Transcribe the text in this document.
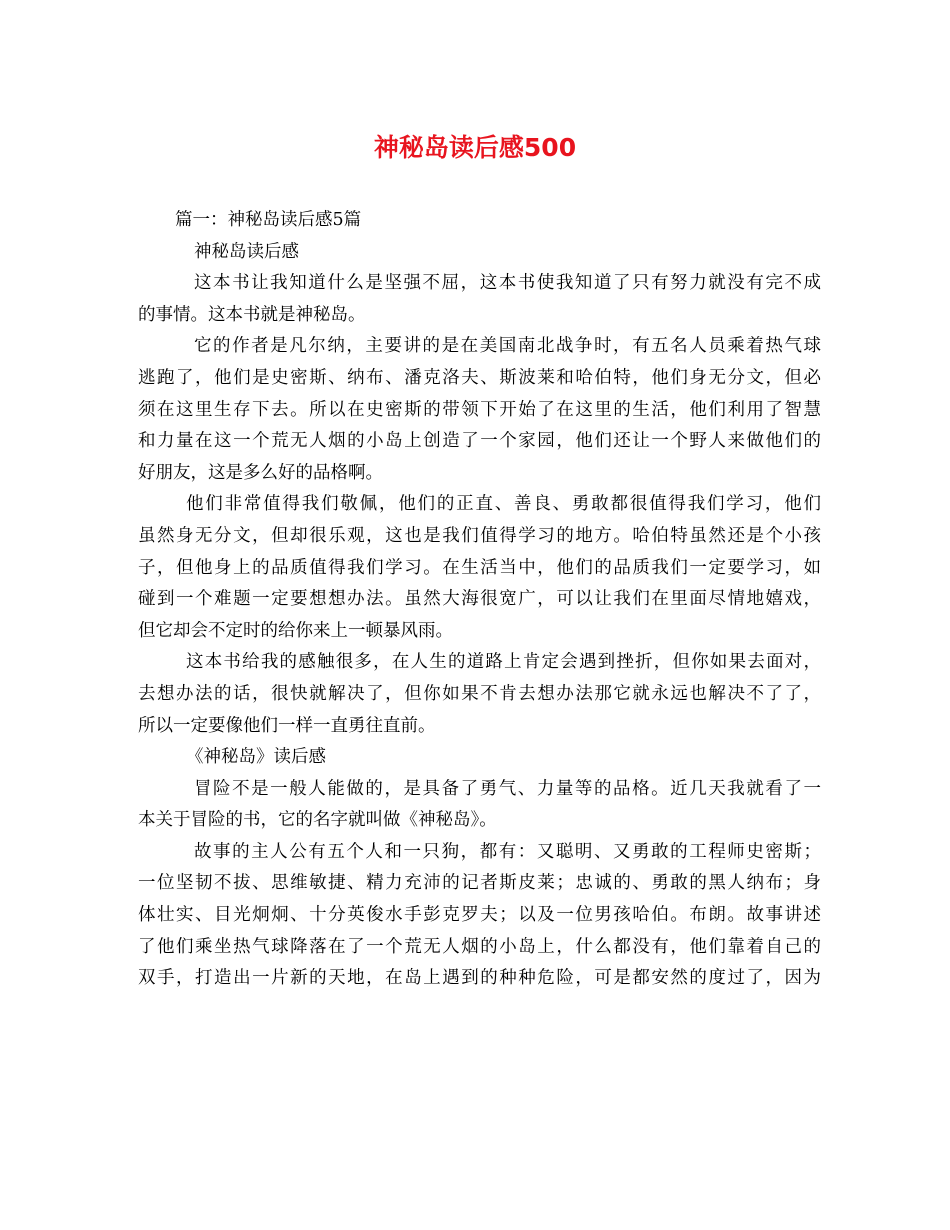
神秘岛读后感500
篇一：神秘岛读后感5篇
神秘岛读后感
这本书让我知道什么是坚强不屈，这本书使我知道了只有努力就没有完不成
的事情。这本书就是神秘岛。
它的作者是凡尔纳，主要讲的是在美国南北战争时，有五名人员乘着热气球
逃跑了，他们是史密斯、纳布、潘克洛夫、斯波莱和哈伯特，他们身无分文，但必
须在这里生存下去。所以在史密斯的带领下开始了在这里的生活，他们利用了智慧
和力量在这一个荒无人烟的小岛上创造了一个家园，他们还让一个野人来做他们的
好朋友，这是多么好的品格啊。
他们非常值得我们敬佩，他们的正直、善良、勇敢都很值得我们学习，他们
虽然身无分文，但却很乐观，这也是我们值得学习的地方。哈伯特虽然还是个小孩
子，但他身上的品质值得我们学习。在生活当中，他们的品质我们一定要学习，如
碰到一个难题一定要想想办法。虽然大海很宽广，可以让我们在里面尽情地嬉戏，
但它却会不定时的给你来上一顿暴风雨。
这本书给我的感触很多，在人生的道路上肯定会遇到挫折，但你如果去面对，
去想办法的话，很快就解决了，但你如果不肯去想办法那它就永远也解决不了了，
所以一定要像他们一样一直勇往直前。
《神秘岛》读后感
冒险不是一般人能做的，是具备了勇气、力量等的品格。近几天我就看了一
本关于冒险的书，它的名字就叫做《神秘岛》。
故事的主人公有五个人和一只狗，都有：又聪明、又勇敢的工程师史密斯；
一位坚韧不拔、思维敏捷、精力充沛的记者斯皮莱；忠诚的、勇敢的黑人纳布；身
体壮实、目光炯炯、十分英俊水手彭克罗夫；以及一位男孩哈伯。布朗。故事讲述
了他们乘坐热气球降落在了一个荒无人烟的小岛上，什么都没有，他们靠着自己的
双手，打造出一片新的天地，在岛上遇到的种种危险，可是都安然的度过了，因为
